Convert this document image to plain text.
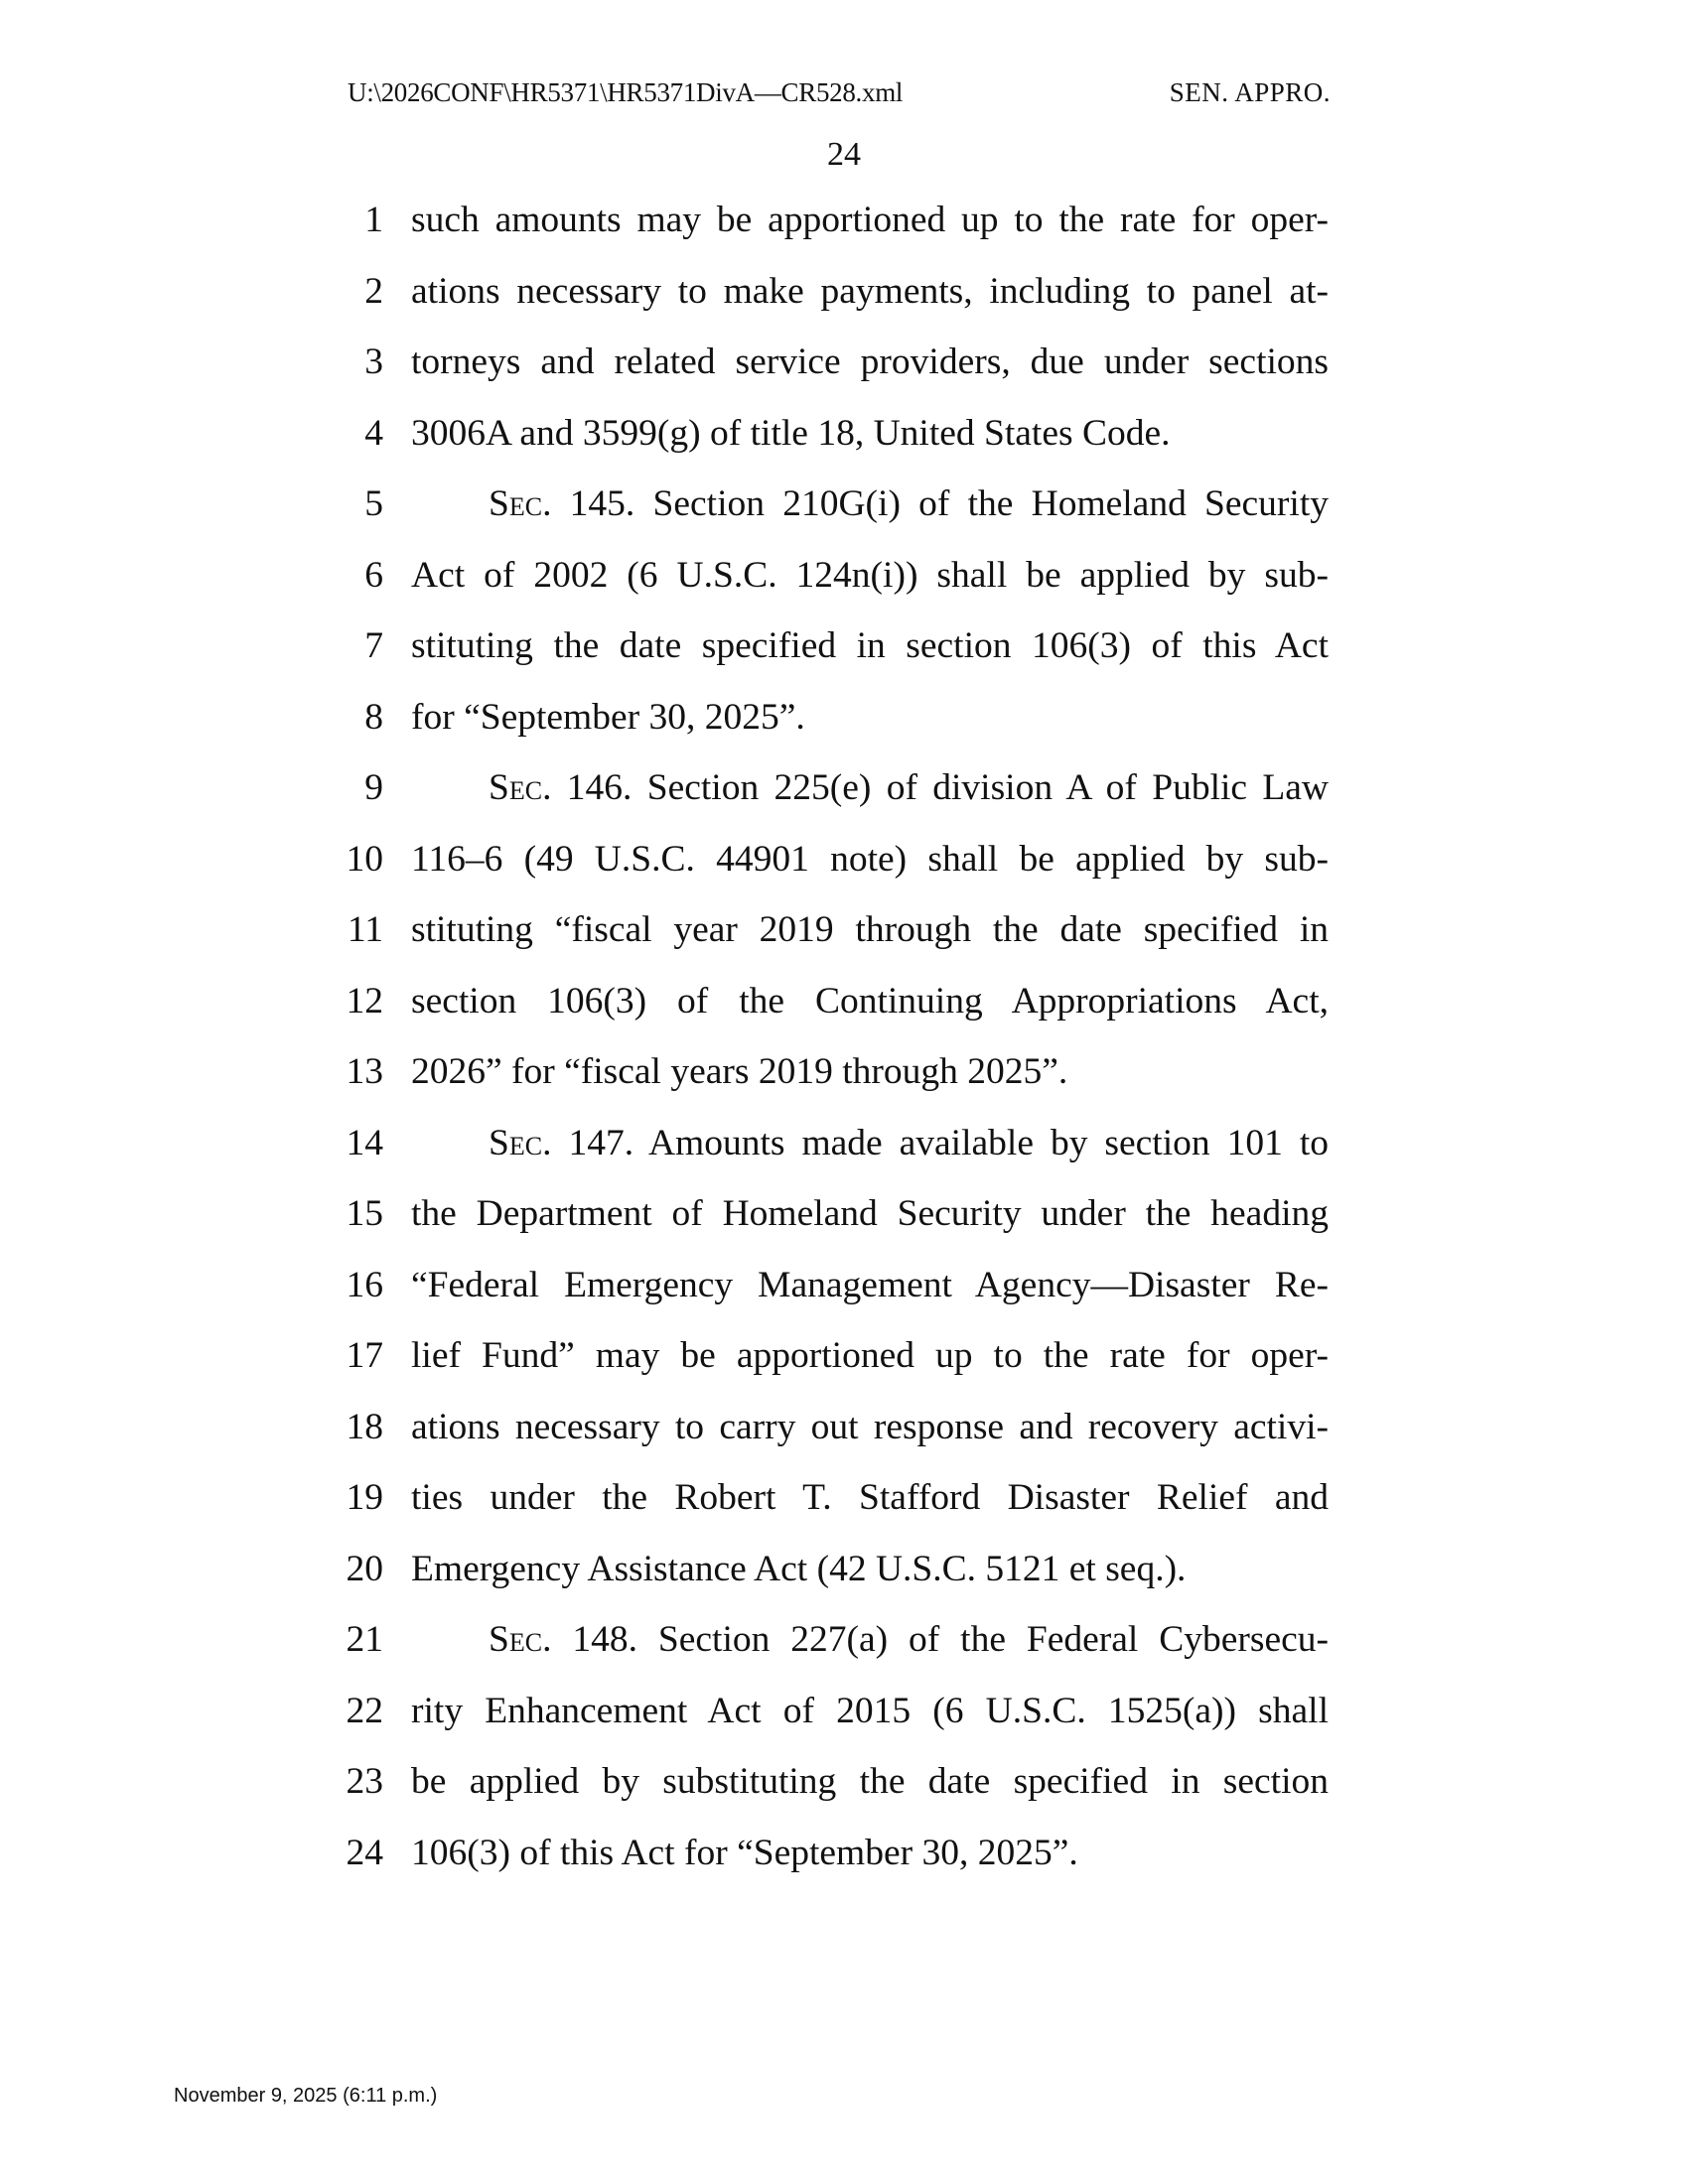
U:\2026CONF\HR5371\HR5371DivA—CR528.xml	SEN. APPRO.
24
1 such amounts may be apportioned up to the rate for oper-
2 ations necessary to make payments, including to panel at-
3 torneys and related service providers, due under sections
4 3006A and 3599(g) of title 18, United States Code.
5	Sec. 145. Section 210G(i) of the Homeland Security
6 Act of 2002 (6 U.S.C. 124n(i)) shall be applied by sub-
7 stituting the date specified in section 106(3) of this Act
8 for “September 30, 2025”.
9	Sec. 146. Section 225(e) of division A of Public Law
10 116–6 (49 U.S.C. 44901 note) shall be applied by sub-
11 stituting “fiscal year 2019 through the date specified in
12 section 106(3) of the Continuing Appropriations Act,
13 2026” for “fiscal years 2019 through 2025”.
14	Sec. 147. Amounts made available by section 101 to
15 the Department of Homeland Security under the heading
16 “Federal Emergency Management Agency—Disaster Re-
17 lief Fund” may be apportioned up to the rate for oper-
18 ations necessary to carry out response and recovery activi-
19 ties under the Robert T. Stafford Disaster Relief and
20 Emergency Assistance Act (42 U.S.C. 5121 et seq.).
21	Sec. 148. Section 227(a) of the Federal Cybersecu-
22 rity Enhancement Act of 2015 (6 U.S.C. 1525(a)) shall
23 be applied by substituting the date specified in section
24 106(3) of this Act for “September 30, 2025”.
November 9, 2025 (6:11 p.m.)
